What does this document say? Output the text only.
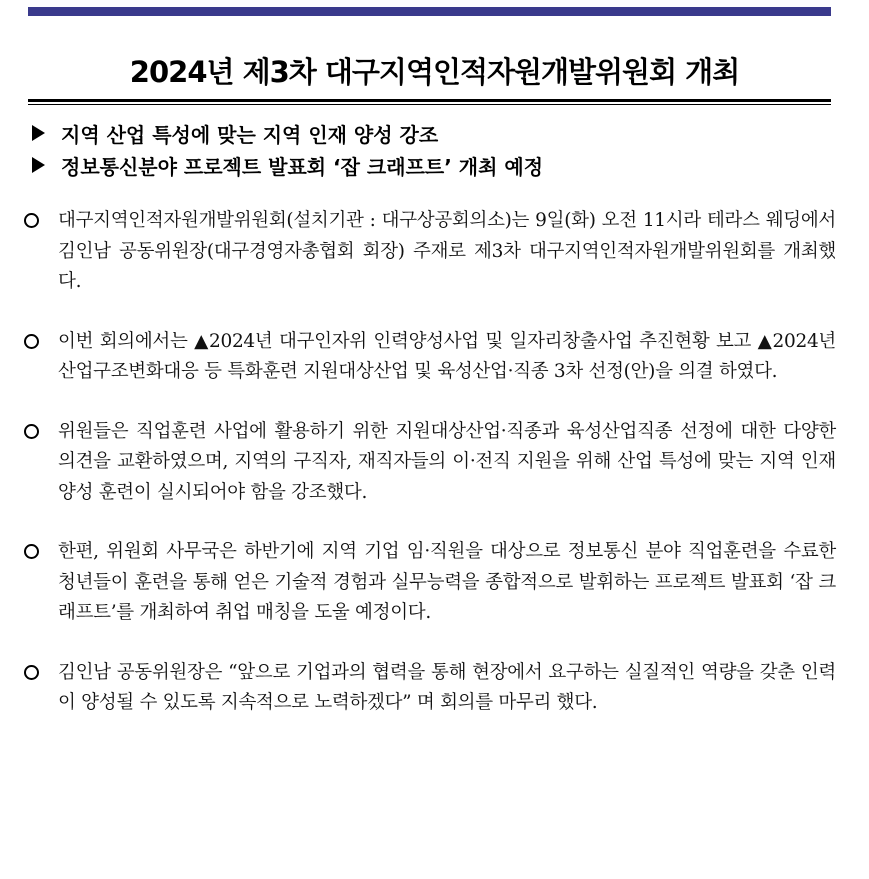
2024년 제3차 대구지역인적자원개발위원회 개최
지역 산업 특성에 맞는 지역 인재 양성 강조
정보통신분야 프로젝트 발표회 ‘잡 크래프트’ 개최 예정
대구지역인적자원개발위원회(설치기관 : 대구상공회의소)는 9일(화) 오전 11시라 테라스 웨딩에서 김인남 공동위원장(대구경영자총협회 회장) 주재로 제3차 대구지역인적자원개발위원회를 개최했다.
이번 회의에서는 ▲2024년 대구인자위 인력양성사업 및 일자리창출사업 추진현황 보고 ▲2024년 산업구조변화대응 등 특화훈련 지원대상산업 및 육성산업·직종 3차 선정(안)을 의결 하였다.
위원들은 직업훈련 사업에 활용하기 위한 지원대상산업·직종과 육성산업직종 선정에 대한 다양한 의견을 교환하였으며, 지역의 구직자, 재직자들의 이·전직 지원을 위해 산업 특성에 맞는 지역 인재 양성 훈련이 실시되어야 함을 강조했다.
한편, 위원회 사무국은 하반기에 지역 기업 임·직원을 대상으로 정보통신 분야 직업훈련을 수료한 청년들이 훈련을 통해 얻은 기술적 경험과 실무능력을 종합적으로 발휘하는 프로젝트 발표회 ‘잡 크래프트’를 개최하여 취업 매칭을 도울 예정이다.
김인남 공동위원장은 “앞으로 기업과의 협력을 통해 현장에서 요구하는 실질적인 역량을 갖춘 인력이 양성될 수 있도록 지속적으로 노력하겠다” 며 회의를 마무리 했다.
